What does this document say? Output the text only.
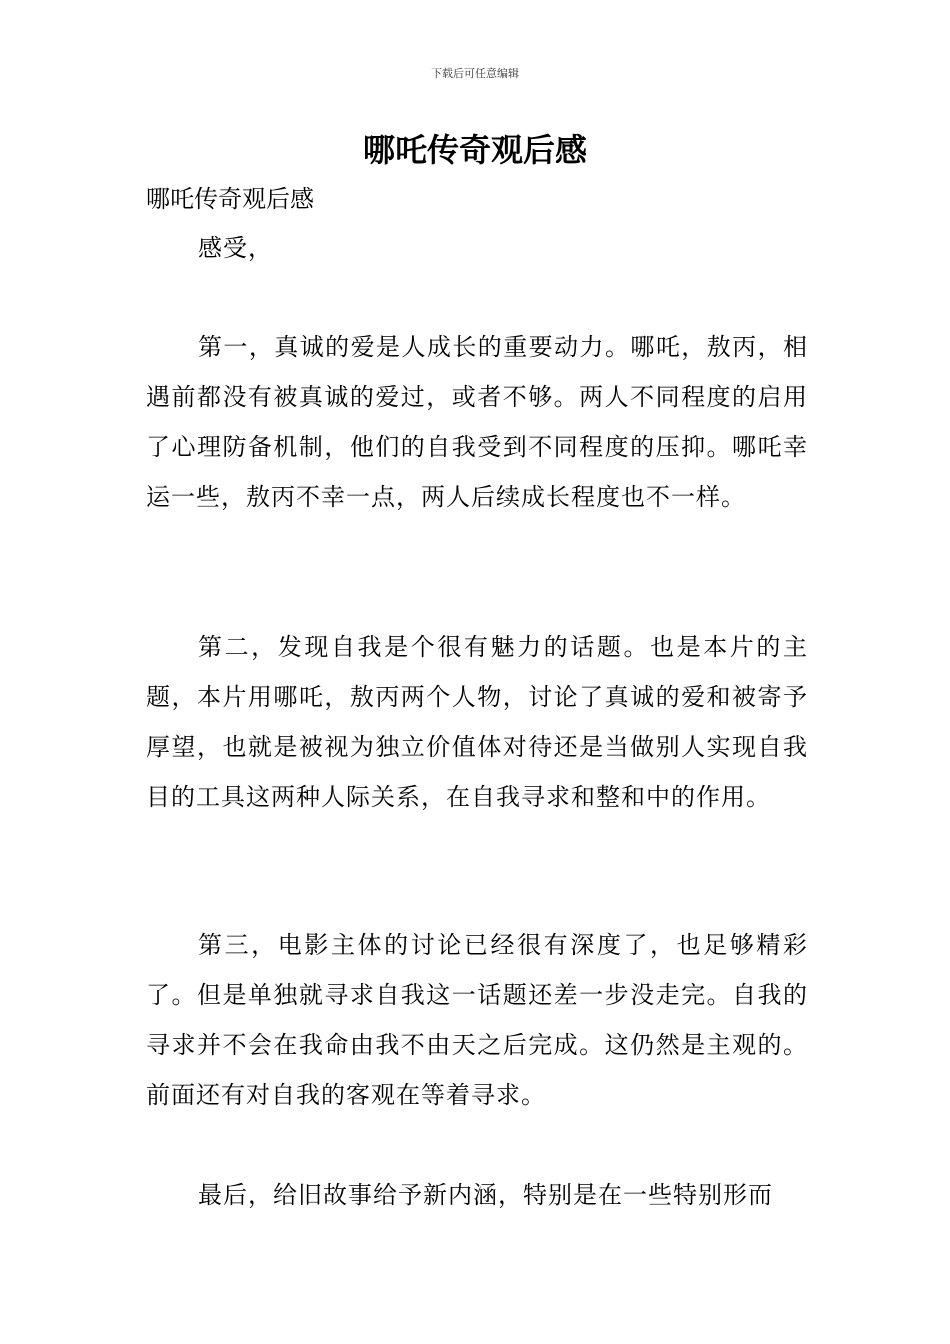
下载后可任意编辑
哪吒传奇观后感

哪吒传奇观后感

感受，

第一，真诚的爱是人成长的重要动力。哪吒，敖丙，相遇前都没有被真诚的爱过，或者不够。两人不同程度的启用了心理防备机制，他们的自我受到不同程度的压抑。哪吒幸运一些，敖丙不幸一点，两人后续成长程度也不一样。

第二，发现自我是个很有魅力的话题。也是本片的主题，本片用哪吒，敖丙两个人物，讨论了真诚的爱和被寄予厚望，也就是被视为独立价值体对待还是当做别人实现自我目的工具这两种人际关系，在自我寻求和整和中的作用。

第三，电影主体的讨论已经很有深度了，也足够精彩了。但是单独就寻求自我这一话题还差一步没走完。自我的寻求并不会在我命由我不由天之后完成。这仍然是主观的。前面还有对自我的客观在等着寻求。

最后，给旧故事给予新内涵，特别是在一些特别形而
